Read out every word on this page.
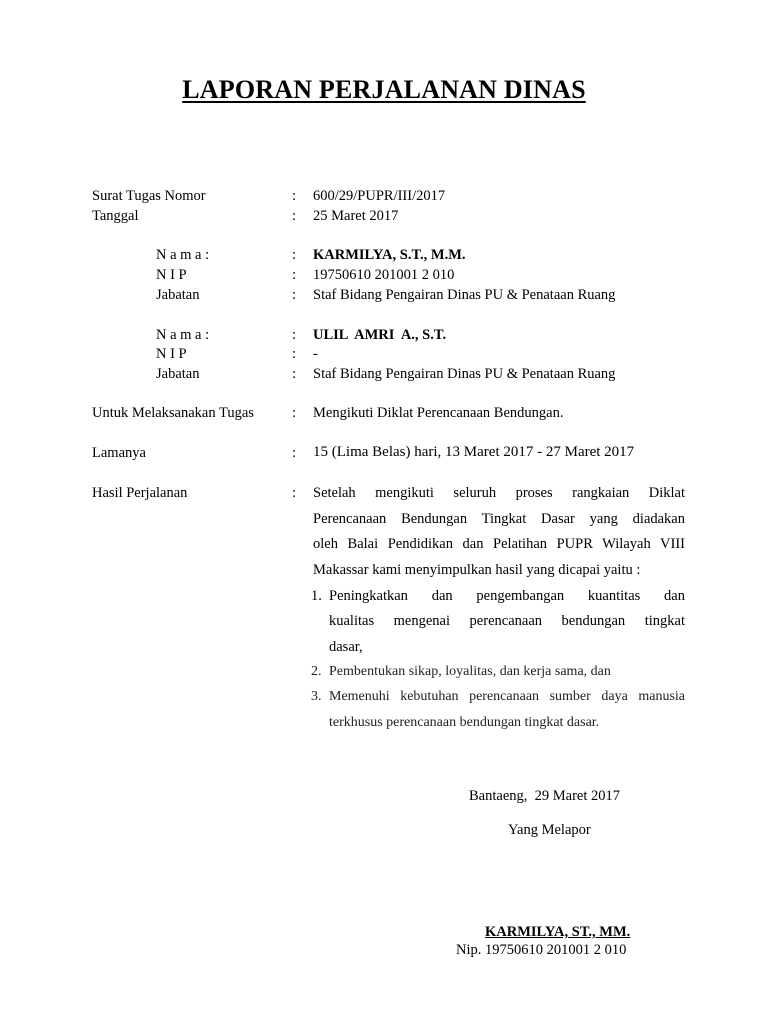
LAPORAN PERJALANAN DINAS
Surat Tugas Nomor	: 600/29/PUPR/III/2017
Tanggal	: 25 Maret 2017
N a m a :	: KARMILYA, S.T., M.M.
N I P	: 19750610 201001 2 010
Jabatan	: Staf Bidang Pengairan Dinas PU & Penataan Ruang
N a m a :	: ULIL  AMRI  A., S.T.
N I P	: -
Jabatan	: Staf Bidang Pengairan Dinas PU & Penataan Ruang
Untuk Melaksanakan Tugas	: Mengikuti Diklat Perencanaan Bendungan.
Lamanya	: 15 (Lima Belas) hari, 13 Maret 2017 - 27 Maret 2017
Hasil Perjalanan	: Setelah mengikuti seluruh proses rangkaian Diklat
Perencanaan Bendungan Tingkat Dasar yang diadakan
oleh Balai Pendidikan dan Pelatihan PUPR Wilayah VIII
Makassar kami menyimpulkan hasil yang dicapai yaitu :
1. Peningkatkan dan pengembangan kuantitas dan
kualitas mengenai perencanaan bendungan tingkat
dasar,
2. Pembentukan sikap, loyalitas, dan kerja sama, dan
3. Memenuhi kebutuhan perencanaan sumber daya manusia
terkhusus perencanaan bendungan tingkat dasar.
Bantaeng,  29 Maret 2017
Yang Melapor
KARMILYA, ST., MM.
Nip. 19750610 201001 2 010
